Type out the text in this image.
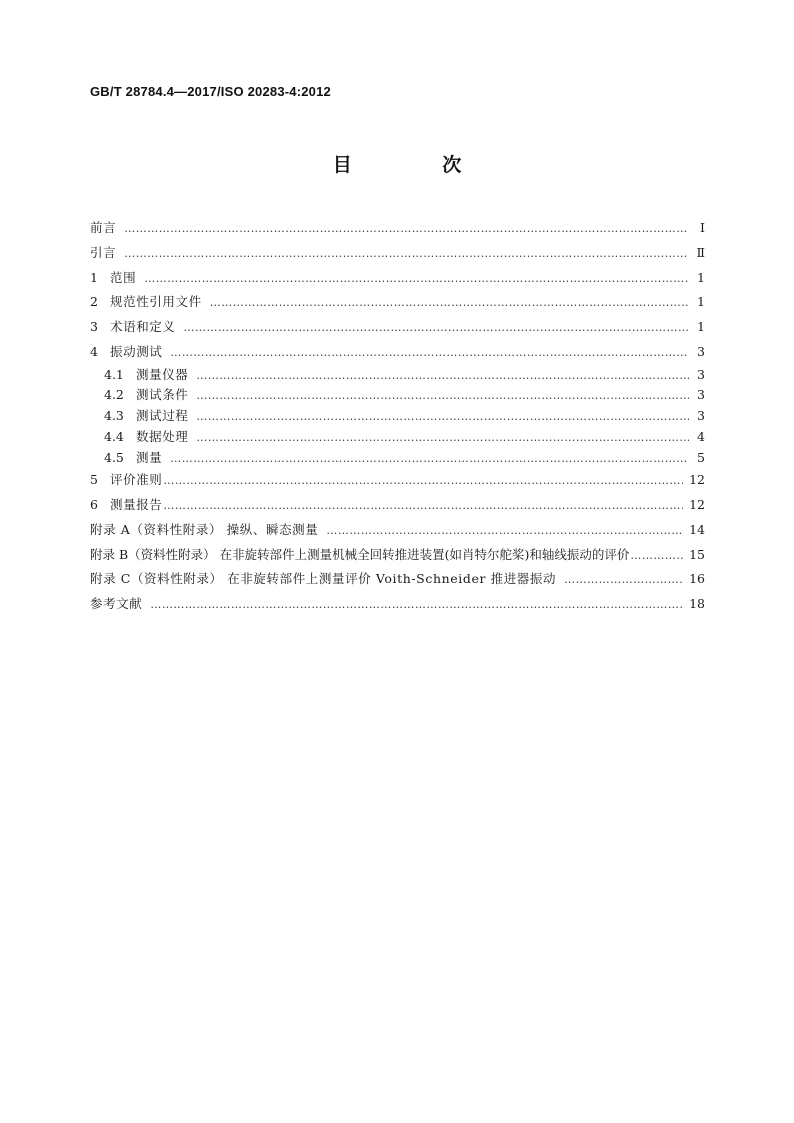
GB/T 28784.4—2017/ISO 20283-4:2012
目 次
前言 ……………………………………………………………………………………………………………………………………………………………………	Ⅰ
引言 ……………………………………………………………………………………………………………………………………………………………………	Ⅱ
1 范围 ……………………………………………………………………………………………………………………………………………………………………	1
2 规范性引用文件 ……………………………………………………………………………………………………………………………………………………………………	1
3 术语和定义 ……………………………………………………………………………………………………………………………………………………………………	1
4 振动测试 ……………………………………………………………………………………………………………………………………………………………………	3
4.1 测量仪器 ……………………………………………………………………………………………………………………………………………………………………	3
4.2 测试条件 ……………………………………………………………………………………………………………………………………………………………………	3
4.3 测试过程 ……………………………………………………………………………………………………………………………………………………………………	3
4.4 数据处理 ……………………………………………………………………………………………………………………………………………………………………	4
4.5 测量 ……………………………………………………………………………………………………………………………………………………………………	5
5 评价准则 ……………………………………………………………………………………………………………………………………………………………………	12
6 测量报告 ……………………………………………………………………………………………………………………………………………………………………	12
附录 A（资料性附录） 操纵、瞬态测量 ……………………………………………………………………………………………………………………………………………………………………	14
附录 B（资料性附录） 在非旋转部件上测量机械全回转推进装置(如肖特尔舵桨)和轴线振动的评价 ……………………………………………………………………………………………………………………………………………………………………	15
附录 C（资料性附录） 在非旋转部件上测量评价 Voith-Schneider 推进器振动 ……………………………………………………………………………………………………………………………………………………………………	16
参考文献 ……………………………………………………………………………………………………………………………………………………………………	18
